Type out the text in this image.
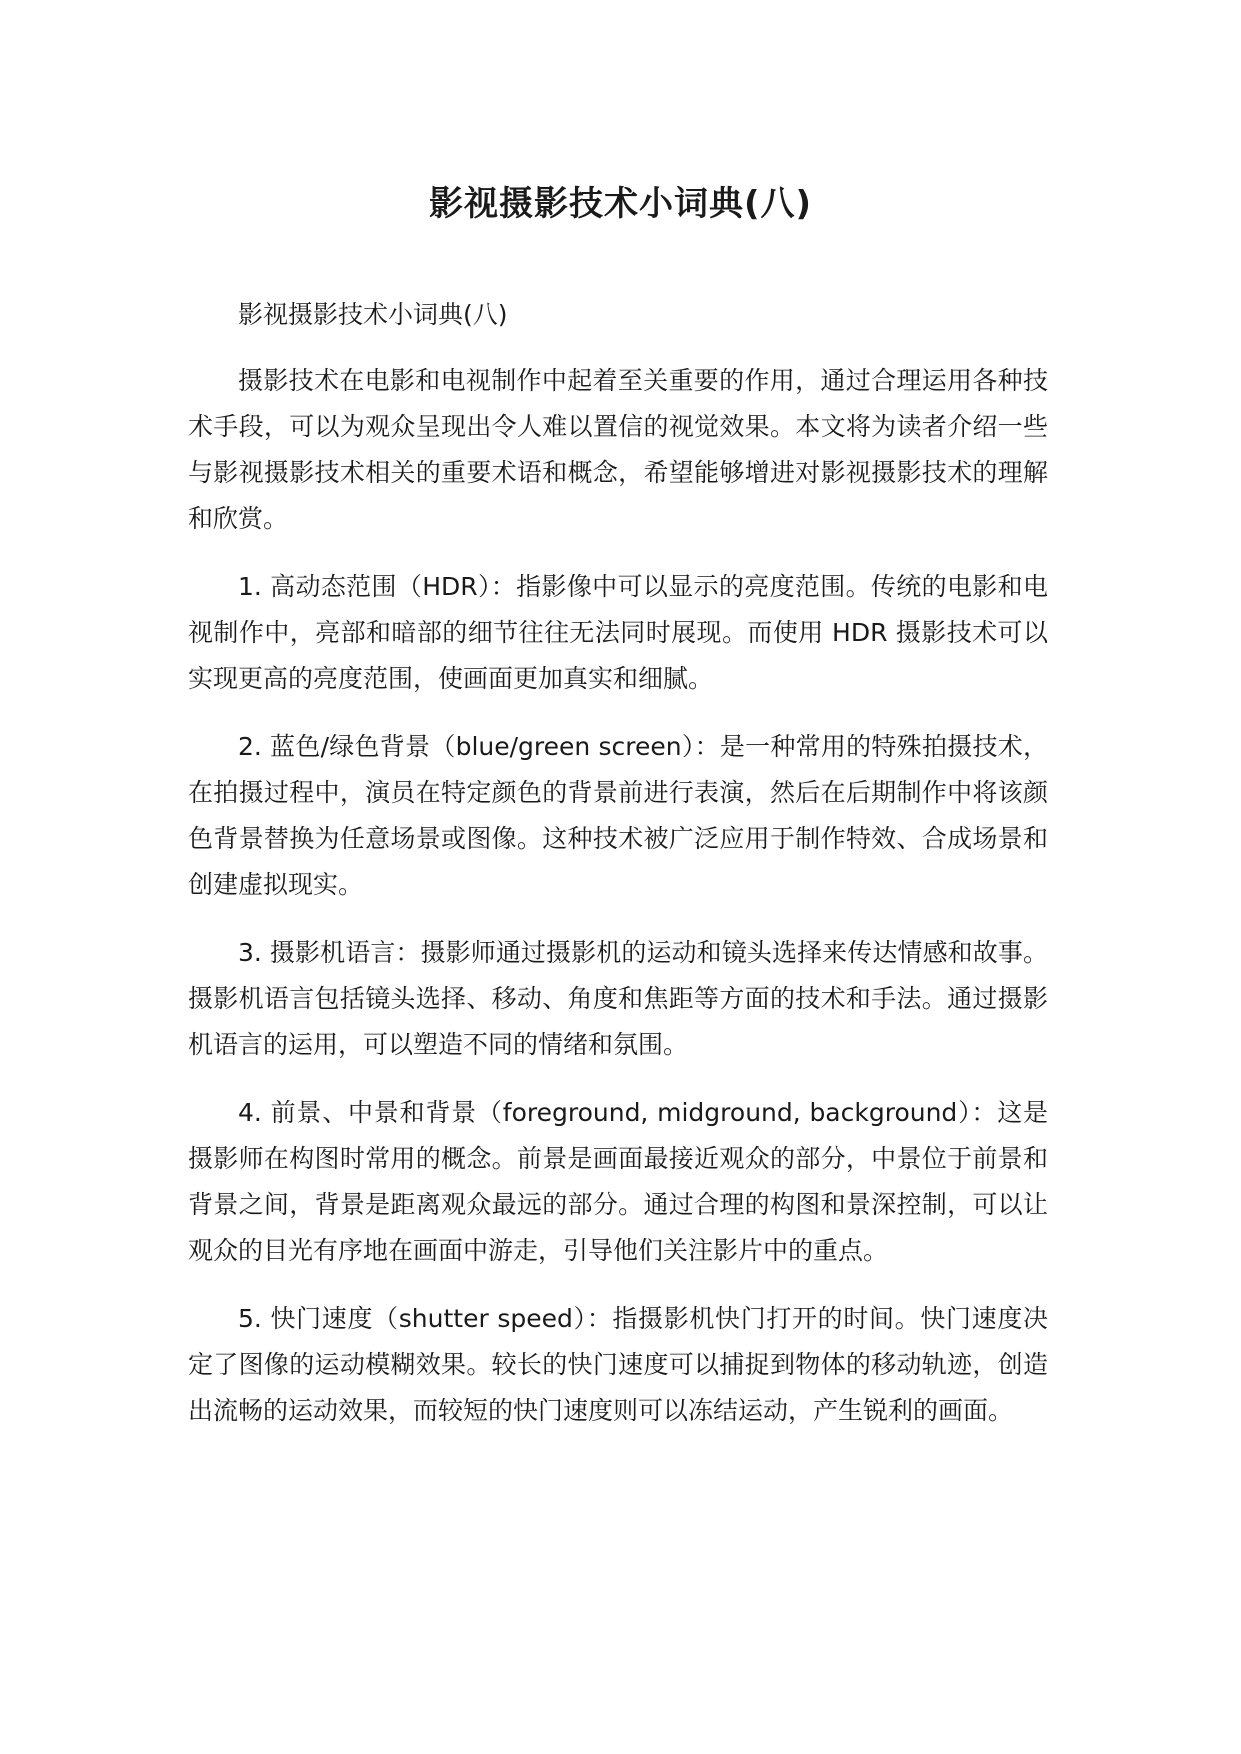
影视摄影技术小词典(八)

影视摄影技术小词典(八)

摄影技术在电影和电视制作中起着至关重要的作用，通过合理运用各种技术手段，可以为观众呈现出令人难以置信的视觉效果。本文将为读者介绍一些与影视摄影技术相关的重要术语和概念，希望能够增进对影视摄影技术的理解和欣赏。

1. 高动态范围（HDR）：指影像中可以显示的亮度范围。传统的电影和电视制作中，亮部和暗部的细节往往无法同时展现。而使用 HDR 摄影技术可以实现更高的亮度范围，使画面更加真实和细腻。

2. 蓝色/绿色背景（blue/green screen）：是一种常用的特殊拍摄技术，在拍摄过程中，演员在特定颜色的背景前进行表演，然后在后期制作中将该颜色背景替换为任意场景或图像。这种技术被广泛应用于制作特效、合成场景和创建虚拟现实。

3. 摄影机语言：摄影师通过摄影机的运动和镜头选择来传达情感和故事。摄影机语言包括镜头选择、移动、角度和焦距等方面的技术和手法。通过摄影机语言的运用，可以塑造不同的情绪和氛围。

4. 前景、中景和背景（foreground, midground, background）：这是摄影师在构图时常用的概念。前景是画面最接近观众的部分，中景位于前景和背景之间，背景是距离观众最远的部分。通过合理的构图和景深控制，可以让观众的目光有序地在画面中游走，引导他们关注影片中的重点。

5. 快门速度（shutter speed）：指摄影机快门打开的时间。快门速度决定了图像的运动模糊效果。较长的快门速度可以捕捉到物体的移动轨迹，创造出流畅的运动效果，而较短的快门速度则可以冻结运动，产生锐利的画面。
